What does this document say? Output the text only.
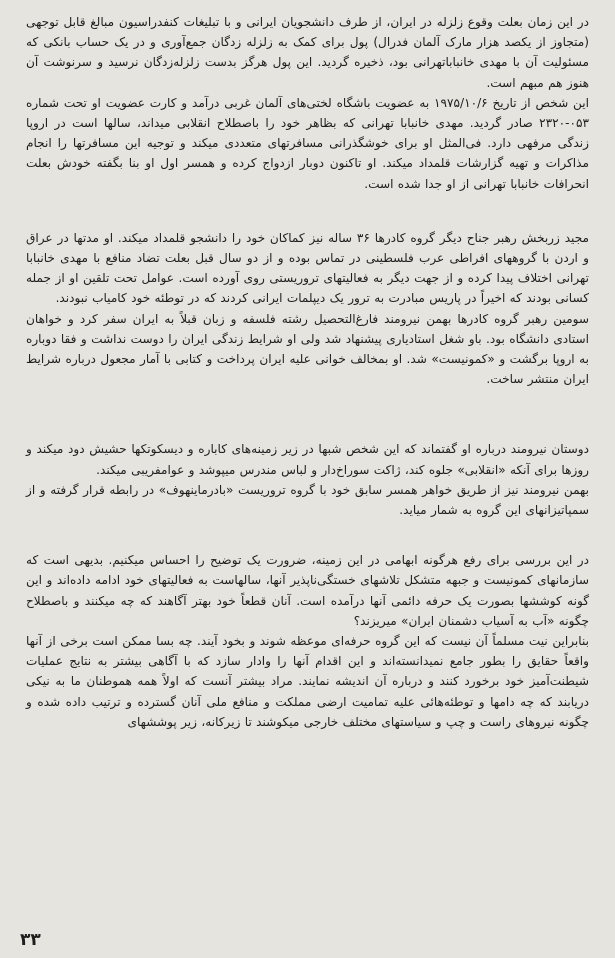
در این زمان بعلت وقوع زلزله در ایران، از طرف دانشجویان ایرانی و با تبلیغات کنفدراسیون مبالغ قابل توجهی (متجاوز از یکصد هزار مارک آلمان فدرال) پول برای کمک به زلزله زدگان جمع‌آوری و در یک حساب بانکی که مسئولیت آن با مهدی خانبابا‌تهرانی بود، ذخیره گردید. این پول هرگز بدست زلزله‌زدگان نرسید و سرنوشت آن هنوز هم مبهم است.

این شخص از تاریخ ۱۹۷۵/۱۰/۶ به عضویت باشگاه لختی‌های آلمان غربی درآمد و کارت عضویت او تحت شماره ۰۵۳-۲۳۲۰ صادر گردید. مهدی خانبابا تهرانی که بظاهر خود را باصطلاح انقلابی میداند، سالها است در اروپا زندگی مرفهی دارد. فی‌المثل او برای خوشگذرانی مسافرتهای متعددی میکند و توجیه این مسافرتها را انجام مذاکرات و تهیه گزارشات قلمداد میکند. او تاکنون دوبار ازدواج کرده و همسر اول او بنا بگفته خودش بعلت انحرافات خانبابا تهرانی از او جدا شده است.

مجید زربخش رهبر جناح دیگر گروه کادرها ۳۶ ساله نیز کماکان خود را دانشجو قلمداد میکند. او مدتها در عراق و اردن با گروههای افراطی عرب فلسطینی در تماس بوده و از دو سال قبل بعلت تضاد منافع با مهدی خانبابا تهرانی اختلاف پیدا کرده و از جهت دیگر به فعالیتهای تروریستی روی آورده است. عوامل تحت تلقین او از جمله کسانی بودند که اخیراً در پاریس مبادرت به ترور یک دیپلمات ایرانی کردند که در توطئه خود کامیاب نبودند.

سومین رهبر گروه کادرها بهمن نیرومند فارغ‌التحصیل رشته فلسفه و زبان قبلاً به ایران سفر کرد و خواهان استادی دانشگاه بود. باو شغل استادیاری پیشنهاد شد ولی او شرایط زندگی ایران را دوست نداشت و فقا دوباره به اروپا برگشت و «کمونیست» شد. او بمخالف خوانی علیه ایران پرداخت و کتابی با آمار مجعول درباره شرایط ایران منتشر ساخت.

دوستان نیرومند درباره او گفتماند که این شخص شبها در زیر زمینه‌های کاباره و دیسکوتکها حشیش دود میکند و روزها برای آنکه «انقلابی» جلوه کند، ژاکت سوراخ‌دار و لباس مندرس میپوشد و عوامفریبی میکند.

بهمن نیرومند نیز از طریق خواهر همسر سابق خود با گروه تروریست «بادرماینهوف» در رابطه قرار گرفته و از سمپاتیزانهای این گروه به شمار میاید.

در این بررسی برای رفع هرگونه ابهامی در این زمینه، ضرورت یک توضیح را احساس میکنیم. بدیهی است که سازمانهای کمونیست و جبهه متشکل تلاشهای خستگی‌ناپذیر آنها، سالهاست به فعالیتهای خود ادامه داده‌اند و این گونه کوششها بصورت یک حرفه دائمی آنها درآمده است. آنان قطعاً خود بهتر آگاهند که چه میکنند و باصطلاح چگونه «آب به آسیاب دشمنان ایران» میریزند؟

بنابراین نیت مسلماً آن نیست که این گروه حرفه‌ای موعظه شوند و بخود آیند. چه بسا ممکن است برخی از آنها واقعاً حقایق را بطور جامع نمیدانسته‌اند و این اقدام آنها را وادار سازد که با آگاهی بیشتر به نتایج عملیات شیطنت‌آمیز خود برخورد کنند و درباره آن اندیشه نمایند. مراد بیشتر آنست که اولاً همه هموطنان ما به نیکی دریابند که چه دامها و توطئه‌هائی علیه تمامیت ارضی مملکت و منافع ملی آنان گسترده و ترتیب داده شده و چگونه نیروهای راست و چپ و سیاستهای مختلف خارجی میکوشند تا زیرکانه، زیر پوششهای

۳۳
